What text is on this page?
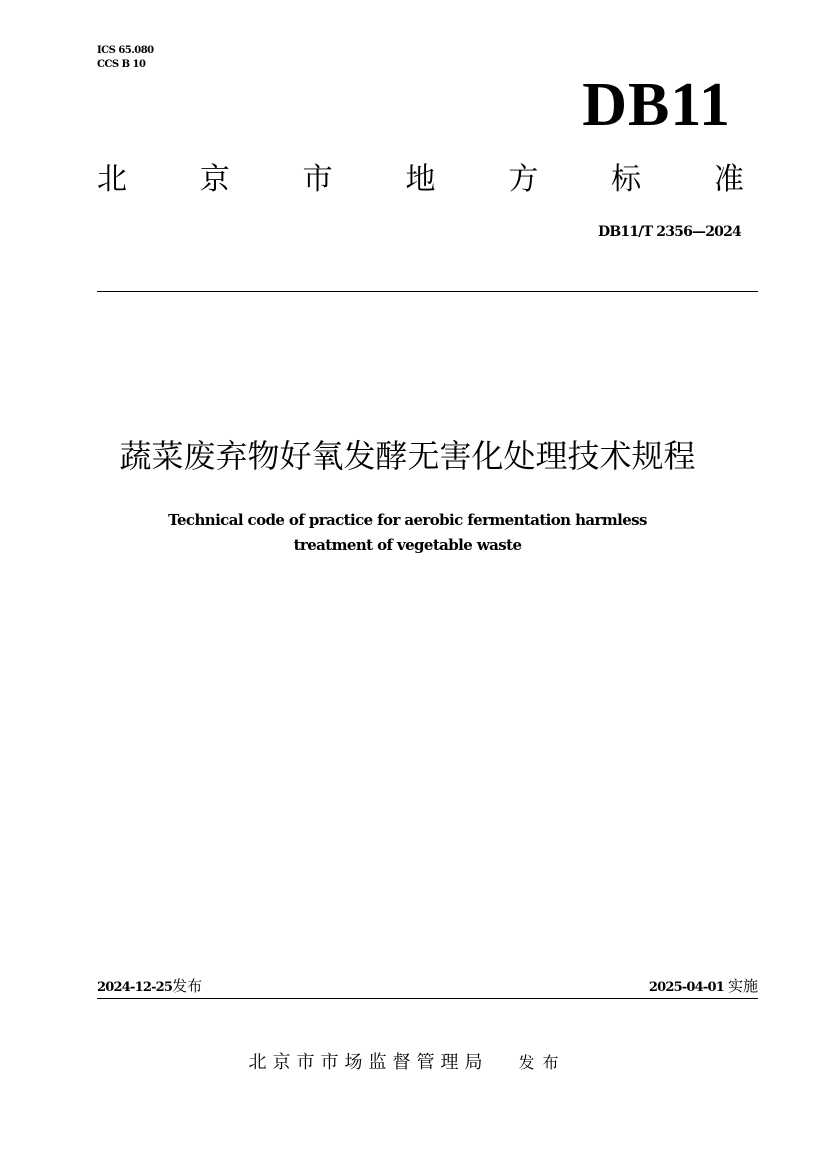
ICS 65.080
CCS B 10
DB11
北 京 市 地 方 标 准
DB11/T 2356—2024
蔬菜废弃物好氧发酵无害化处理技术规程
Technical code of practice for aerobic fermentation harmless
treatment of vegetable waste
2024-12-25发布	2025-04-01 实施
北京市市场监督管理局 发布
